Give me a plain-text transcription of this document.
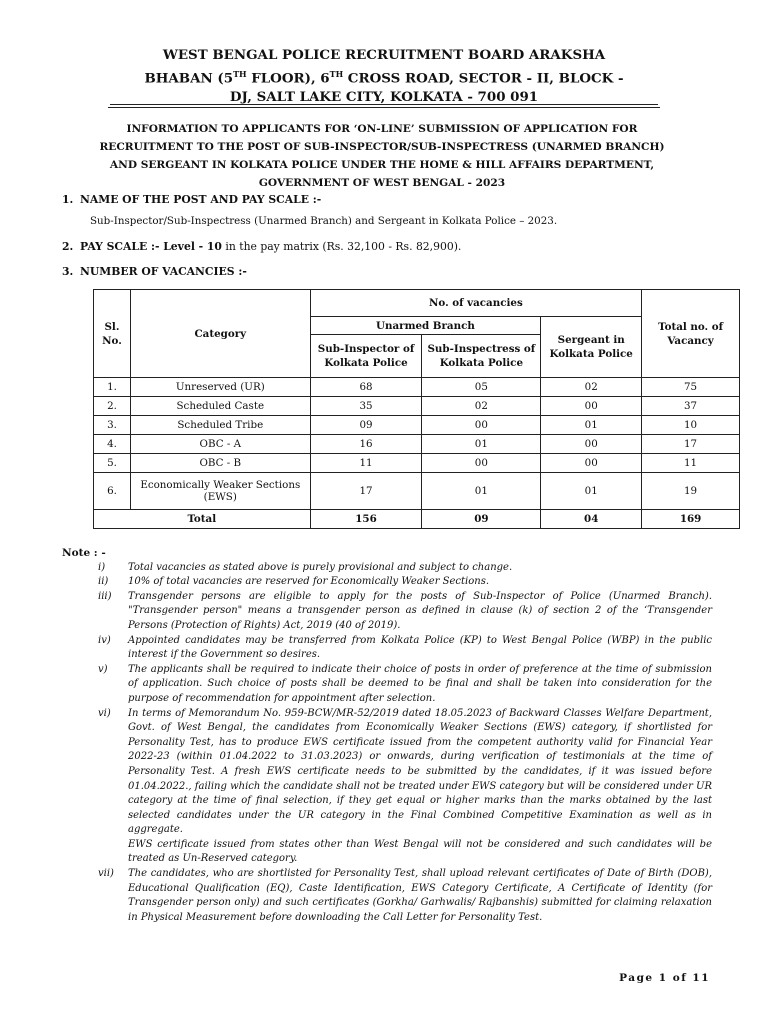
WEST BENGAL POLICE RECRUITMENT BOARD ARAKSHA
BHABAN (5TH FLOOR), 6TH CROSS ROAD, SECTOR - II, BLOCK -
DJ, SALT LAKE CITY, KOLKATA - 700 091
INFORMATION TO APPLICANTS FOR ‘ON-LINE’ SUBMISSION OF APPLICATION FOR
RECRUITMENT TO THE POST OF SUB-INSPECTOR/SUB-INSPECTRESS (UNARMED BRANCH)
AND SERGEANT IN KOLKATA POLICE UNDER THE HOME & HILL AFFAIRS DEPARTMENT,
GOVERNMENT OF WEST BENGAL - 2023
1. NAME OF THE POST AND PAY SCALE :-
Sub-Inspector/Sub-Inspectress (Unarmed Branch) and Sergeant in Kolkata Police – 2023.
2. PAY SCALE :- Level - 10 in the pay matrix (Rs. 32,100 - Rs. 82,900).
3. NUMBER OF VACANCIES :-
Sl. No.	Category	No. of vacancies			Total no. of Vacancy
		Unarmed Branch		Sergeant in Kolkata Police	
		Sub-Inspector of Kolkata Police	Sub-Inspectress of Kolkata Police		
1.	Unreserved (UR)	68	05	02	75
2.	Scheduled Caste	35	02	00	37
3.	Scheduled Tribe	09	00	01	10
4.	OBC - A	16	01	00	17
5.	OBC - B	11	00	00	11
6.	Economically Weaker Sections (EWS)	17	01	01	19
Total		156	09	04	169
Note : -
i)	Total vacancies as stated above is purely provisional and subject to change.
ii)	10% of total vacancies are reserved for Economically Weaker Sections.
iii)	Transgender persons are eligible to apply for the posts of Sub-Inspector of Police (Unarmed Branch). "Transgender person" means a transgender person as defined in clause (k) of section 2 of the ‘Transgender Persons (Protection of Rights) Act, 2019 (40 of 2019).
iv)	Appointed candidates may be transferred from Kolkata Police (KP) to West Bengal Police (WBP) in the public interest if the Government so desires.
v)	The applicants shall be required to indicate their choice of posts in order of preference at the time of submission of application. Such choice of posts shall be deemed to be final and shall be taken into consideration for the purpose of recommendation for appointment after selection.
vi)	In terms of Memorandum No. 959-BCW/MR-52/2019 dated 18.05.2023 of Backward Classes Welfare Department, Govt. of West Bengal, the candidates from Economically Weaker Sections (EWS) category, if shortlisted for Personality Test, has to produce EWS certificate issued from the competent authority valid for Financial Year 2022-23 (within 01.04.2022 to 31.03.2023) or onwards, during verification of testimonials at the time of Personality Test. A fresh EWS certificate needs to be submitted by the candidates, if it was issued before 01.04.2022., failing which the candidate shall not be treated under EWS category but will be considered under UR category at the time of final selection, if they get equal or higher marks than the marks obtained by the last selected candidates under the UR category in the Final Combined Competitive Examination as well as in aggregate.
EWS certificate issued from states other than West Bengal will not be considered and such candidates will be treated as Un-Reserved category.
vii)	The candidates, who are shortlisted for Personality Test, shall upload relevant certificates of Date of Birth (DOB), Educational Qualification (EQ), Caste Identification, EWS Category Certificate, A Certificate of Identity (for Transgender person only) and such certificates (Gorkha/ Garhwalis/ Rajbanshis) submitted for claiming relaxation in Physical Measurement before downloading the Call Letter for Personality Test.
Page 1 of 11
